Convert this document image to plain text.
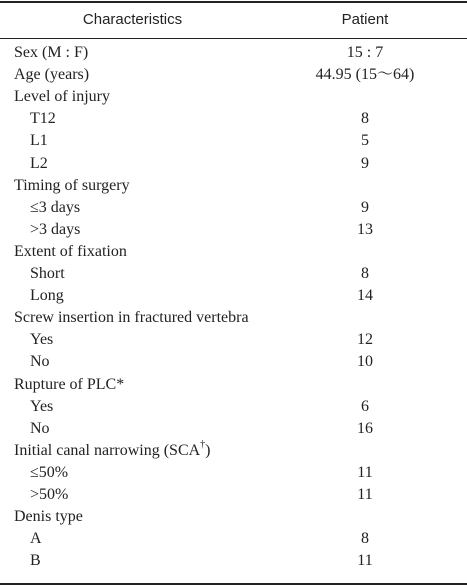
Characteristics	Patient
Sex (M : F)	15 : 7
Age (years)	44.95 (15～64)
Level of injury
T12	8
L1	5
L2	9
Timing of surgery
≤3 days	9
>3 days	13
Extent of fixation
Short	8
Long	14
Screw insertion in fractured vertebra
Yes	12
No	10
Rupture of PLC*
Yes	6
No	16
Initial canal narrowing (SCA†)
≤50%	11
>50%	11
Denis type
A	8
B	11
